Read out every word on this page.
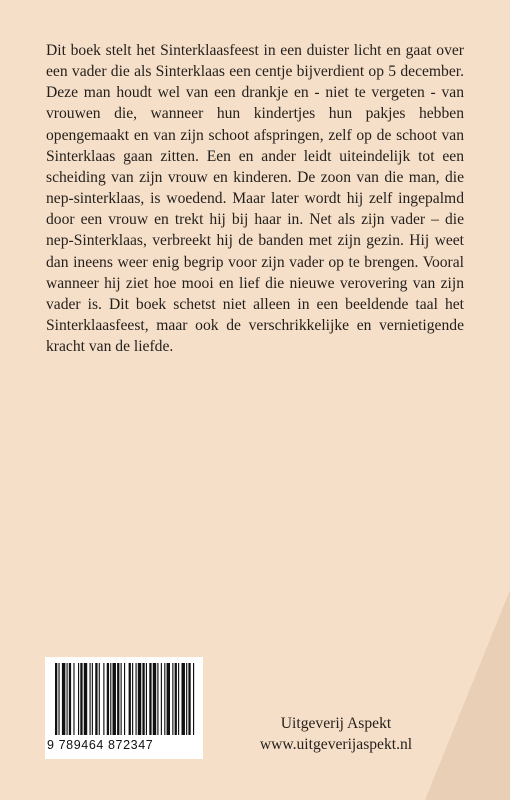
Dit boek stelt het Sinterklaasfeest in een duister licht en gaat over een vader die als Sinterklaas een centje bijverdient op 5 december. Deze man houdt wel van een drankje en - niet te vergeten - van vrouwen die, wanneer hun kindertjes hun pakjes hebben opengemaakt en van zijn schoot afspringen, zelf op de schoot van Sinterklaas gaan zitten. Een en ander leidt uiteindelijk tot een scheiding van zijn vrouw en kinderen. De zoon van die man, die nep-sinterklaas, is woedend. Maar later wordt hij zelf ingepalmd door een vrouw en trekt hij bij haar in. Net als zijn vader – die nep-Sinterklaas, verbreekt hij de banden met zijn gezin. Hij weet dan ineens weer enig begrip voor zijn vader op te brengen. Vooral wanneer hij ziet hoe mooi en lief die nieuwe verovering van zijn vader is. Dit boek schetst niet alleen in een beeldende taal het Sinterklaasfeest, maar ook de verschrikkelijke en vernietigende kracht van de liefde.

9 789464 872347
Uitgeverij Aspekt
www.uitgeverijaspekt.nl
